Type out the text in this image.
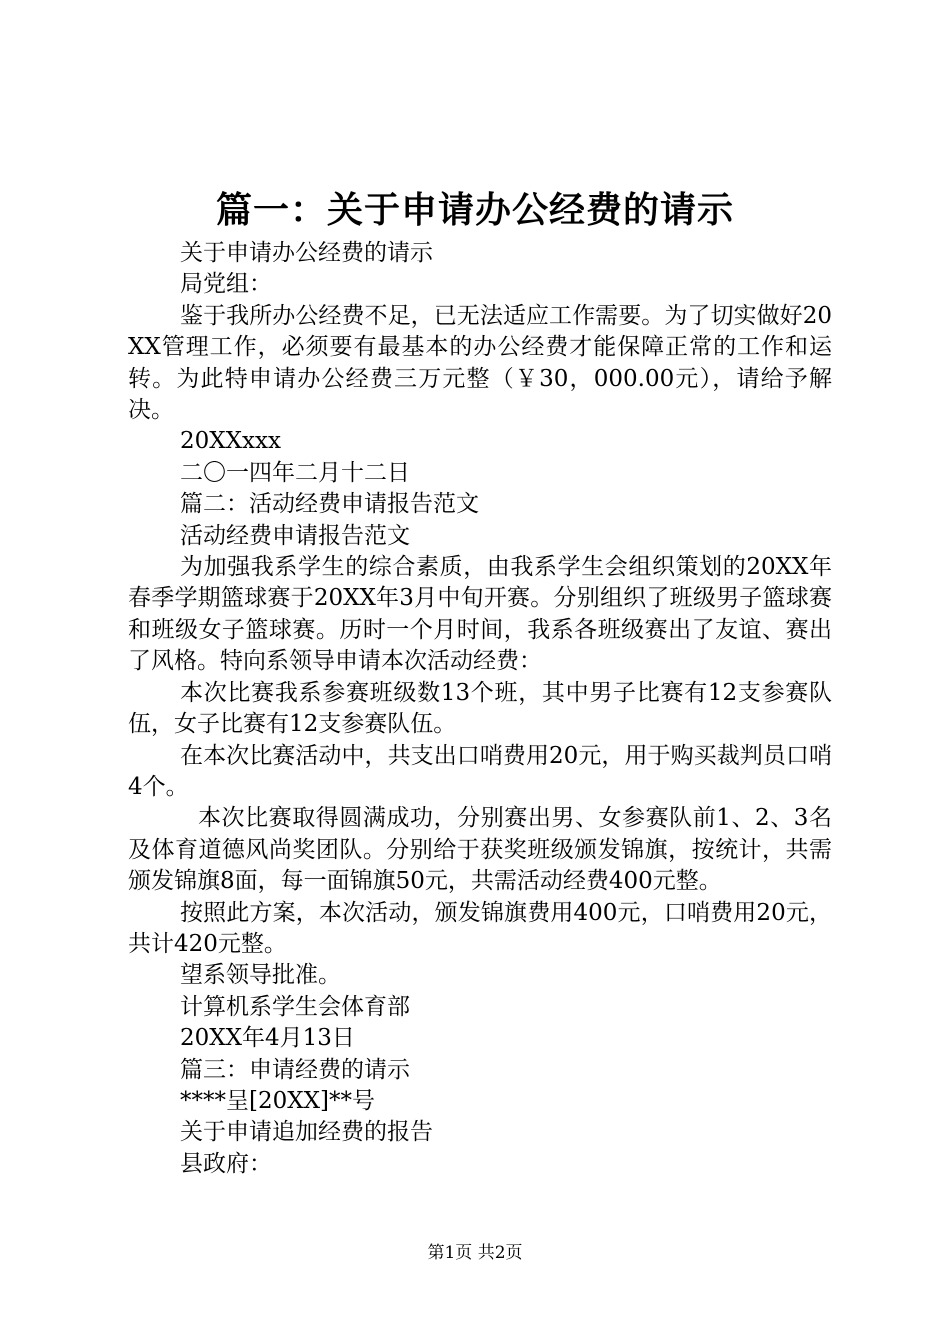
篇一：关于申请办公经费的请示

关于申请办公经费的请示

局党组：

鉴于我所办公经费不足，已无法适应工作需要。为了切实做好20XX管理工作，必须要有最基本的办公经费才能保障正常的工作和运转。为此特申请办公经费三万元整（￥30，000.00元），请给予解决。

20XXxxx

二〇一四年二月十二日

篇二：活动经费申请报告范文

活动经费申请报告范文

为加强我系学生的综合素质，由我系学生会组织策划的20XX年春季学期篮球赛于20XX年3月中旬开赛。分别组织了班级男子篮球赛和班级女子篮球赛。历时一个月时间，我系各班级赛出了友谊、赛出了风格。特向系领导申请本次活动经费：

本次比赛我系参赛班级数13个班，其中男子比赛有12支参赛队伍，女子比赛有12支参赛队伍。

在本次比赛活动中，共支出口哨费用20元，用于购买裁判员口哨4个。

本次比赛取得圆满成功，分别赛出男、女参赛队前1、2、3名及体育道德风尚奖团队。分别给于获奖班级颁发锦旗，按统计，共需颁发锦旗8面，每一面锦旗50元，共需活动经费400元整。

按照此方案，本次活动，颁发锦旗费用400元，口哨费用20元，共计420元整。

望系领导批准。

计算机系学生会体育部

20XX年4月13日

篇三：申请经费的请示

****呈[20XX]**号

关于申请追加经费的报告

县政府：

第1页 共2页
